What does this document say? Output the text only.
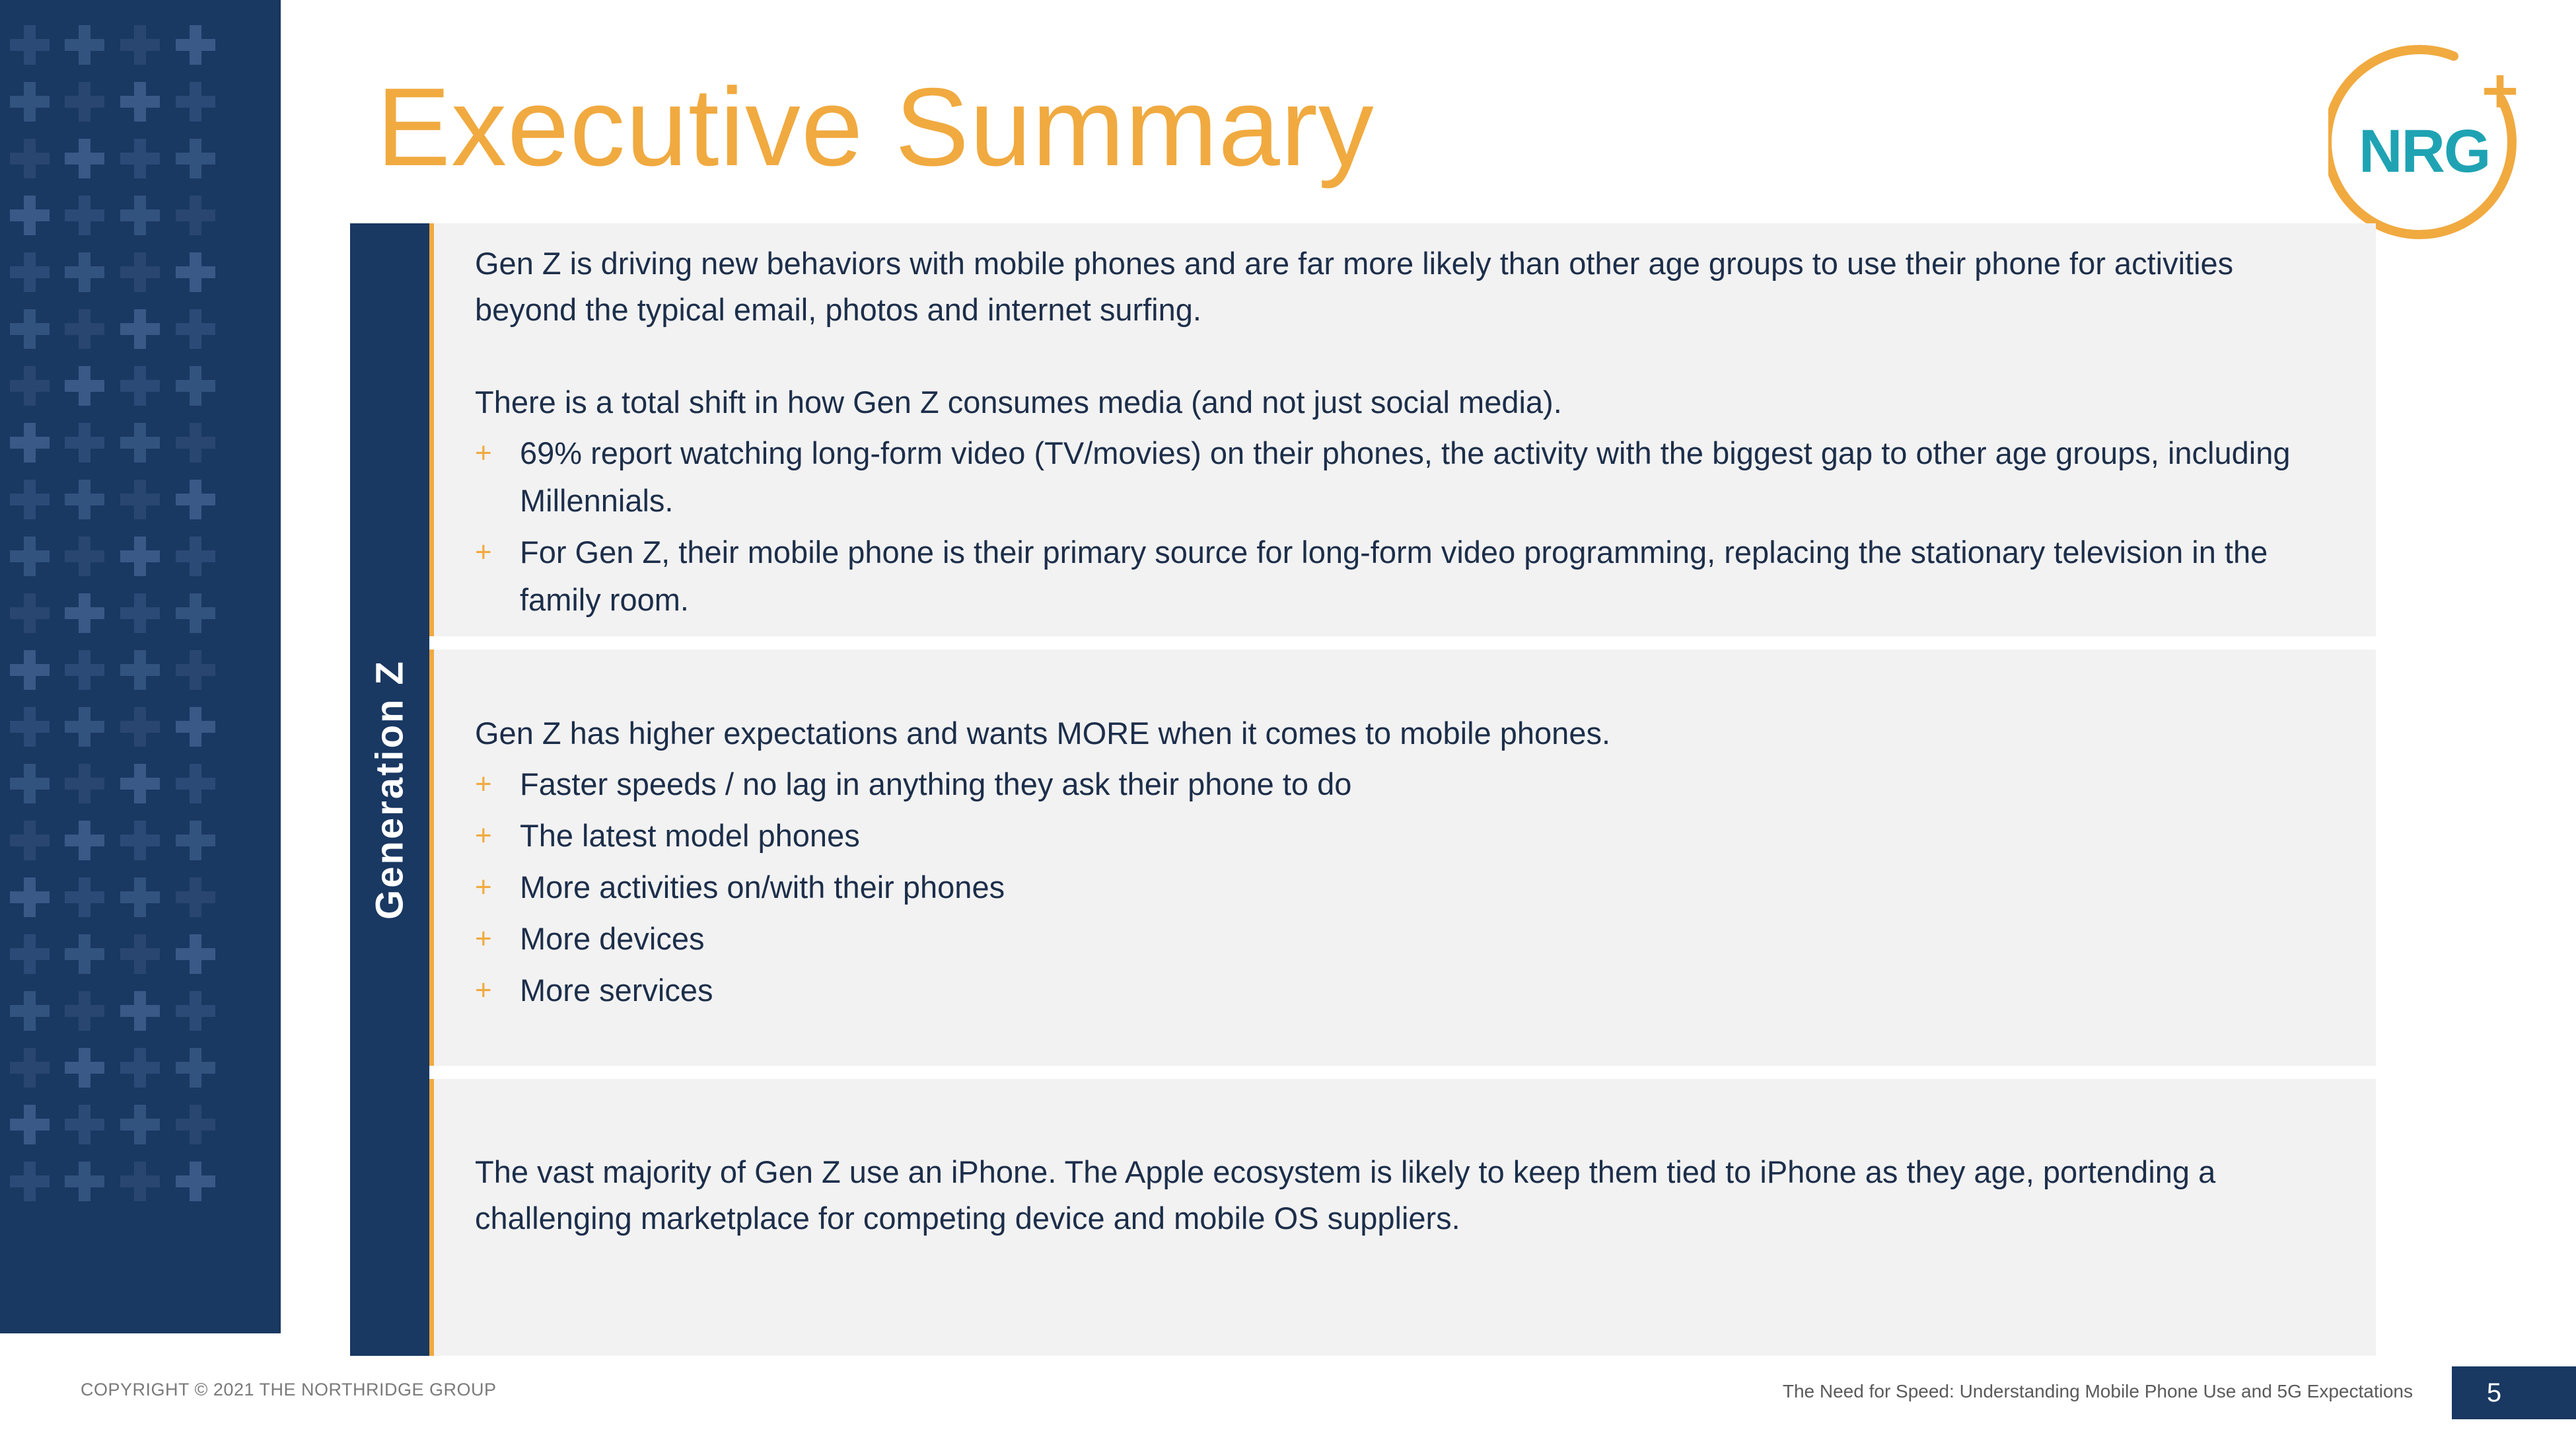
Executive Summary	NRG
+
Generation Z

Gen Z is driving new behaviors with mobile phones and are far more likely than other age groups to use their phone for activities beyond the typical email, photos and internet surfing.

There is a total shift in how Gen Z consumes media (and not just social media).

+ 69% report watching long-form video (TV/movies) on their phones, the activity with the biggest gap to other age groups, including Millennials.
+ For Gen Z, their mobile phone is their primary source for long-form video programming, replacing the stationary television in the family room.

Gen Z has higher expectations and wants MORE when it comes to mobile phones.

+ Faster speeds / no lag in anything they ask their phone to do
+ The latest model phones
+ More activities on/with their phones
+ More devices
+ More services

The vast majority of Gen Z use an iPhone. The Apple ecosystem is likely to keep them tied to iPhone as they age, portending a challenging marketplace for competing device and mobile OS suppliers.

COPYRIGHT © 2021 THE NORTHRIDGE GROUP	The Need for Speed: Understanding Mobile Phone Use and 5G Expectations	5
